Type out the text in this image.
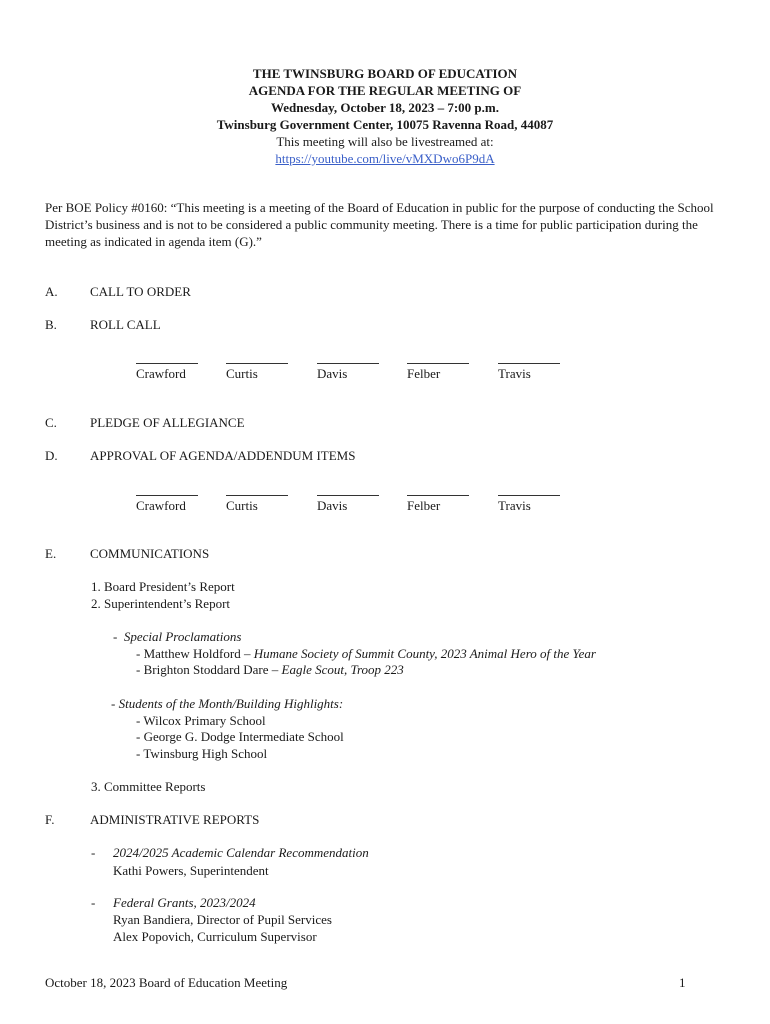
THE TWINSBURG BOARD OF EDUCATION
AGENDA FOR THE REGULAR MEETING OF
Wednesday, October 18, 2023 – 7:00 p.m.
Twinsburg Government Center, 10075 Ravenna Road, 44087
This meeting will also be livestreamed at:
https://youtube.com/live/vMXDwo6P9dA
Per BOE Policy #0160: “This meeting is a meeting of the Board of Education in public for the purpose of conducting the School District’s business and is not to be considered a public community meeting. There is a time for public participation during the meeting as indicated in agenda item (G).”
A. CALL TO ORDER
B.	ROLL CALL
Crawford	Curtis	Davis	Felber	Travis
C.	PLEDGE OF ALLEGIANCE
D. APPROVAL OF AGENDA/ADDENDUM ITEMS
Crawford	Curtis	Davis	Felber	Travis
E.	COMMUNICATIONS
1. Board President’s Report
2. Superintendent’s Report
-  Special Proclamations
- Matthew Holdford – Humane Society of Summit County, 2023 Animal Hero of the Year
- Brighton Stoddard Dare – Eagle Scout, Troop 223
- Students of the Month/Building Highlights:
- Wilcox Primary School
- George G. Dodge Intermediate School
- Twinsburg High School
3. Committee Reports
F.	ADMINISTRATIVE REPORTS
- 2024/2025 Academic Calendar Recommendation
Kathi Powers, Superintendent
- Federal Grants, 2023/2024
Ryan Bandiera, Director of Pupil Services
Alex Popovich, Curriculum Supervisor
October 18, 2023 Board of Education Meeting	1
